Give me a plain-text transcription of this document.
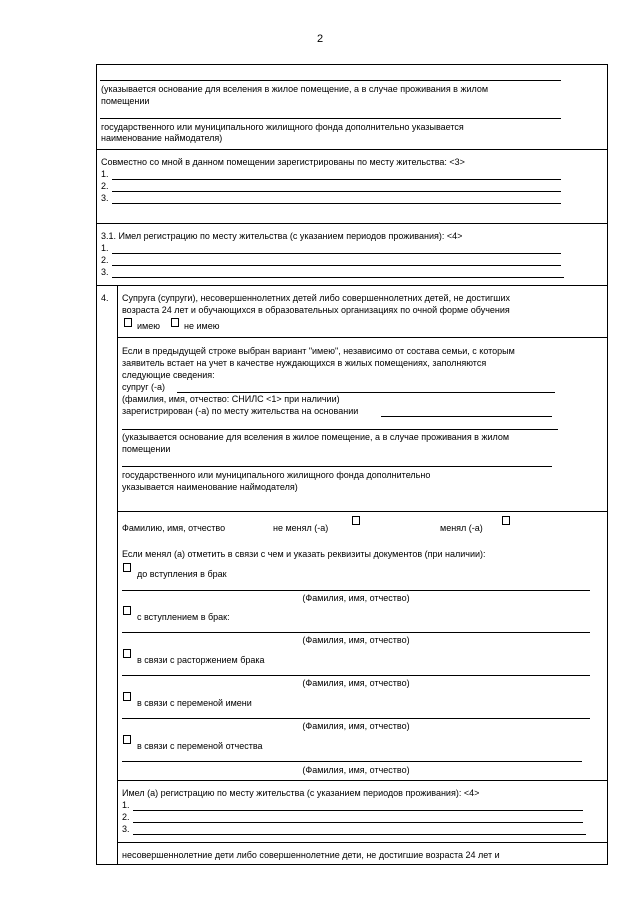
2
(указывается основание для вселения в жилое помещение, а в случае проживания в жилом
помещении
государственного или муниципального жилищного фонда дополнительно указывается
наименование наймодателя)
Совместно со мной в данном помещении зарегистрированы по месту жительства: <3>
1.
2.
3.
3.1. Имел регистрацию по месту жительства (с указанием периодов проживания): <4>
1.
2.
3.
4. Супруга (супруги), несовершеннолетних детей либо совершеннолетних детей, не достигших
возраста 24 лет и обучающихся в образовательных организациях по очной форме обучения
имею	не имею
Если в предыдущей строке выбран вариант "имею", независимо от состава семьи, с которым
заявитель встает на учет в качестве нуждающихся в жилых помещениях, заполняются
следующие сведения:
супруг (-а)
(фамилия, имя, отчество: СНИЛС <1> при наличии)
зарегистрирован (-а) по месту жительства на основании
(указывается основание для вселения в жилое помещение, а в случае проживания в жилом
помещении
государственного или муниципального жилищного фонда дополнительно
указывается наименование наймодателя)
Фамилию, имя, отчество	не менял (-а)	менял (-а)
Если менял (а) отметить в связи с чем и указать реквизиты документов (при наличии):
до вступления в брак
(Фамилия, имя, отчество)
с вступлением в брак:
(Фамилия, имя, отчество)
в связи с расторжением брака
(Фамилия, имя, отчество)
в связи с переменой имени
(Фамилия, имя, отчество)
в связи с переменой отчества
(Фамилия, имя, отчество)
Имел (а) регистрацию по месту жительства (с указанием периодов проживания): <4>
1.
2.
3.
несовершеннолетние дети либо совершеннолетние дети, не достигшие возраста 24 лет и
